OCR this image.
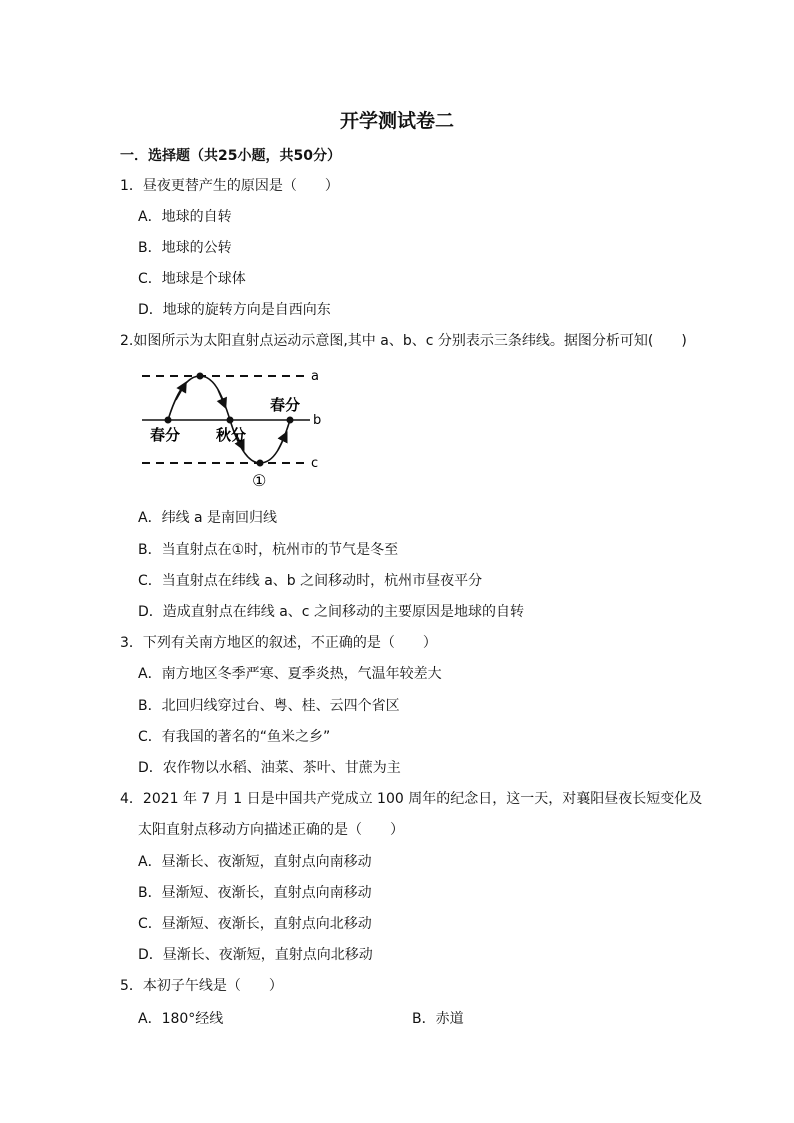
开学测试卷二
一．选择题（共25小题，共50分）
1．昼夜更替产生的原因是（　　）
A．地球的自转
B．地球的公转
C．地球是个球体
D．地球的旋转方向是自西向东
2.如图所示为太阳直射点运动示意图,其中 a、b、c 分别表示三条纬线。据图分析可知(　　)
a
b
c
春分 秋分
春分
①
A．纬线 a 是南回归线
B．当直射点在①时，杭州市的节气是冬至
C．当直射点在纬线 a、b 之间移动时，杭州市昼夜平分
D．造成直射点在纬线 a、c 之间移动的主要原因是地球的自转
3．下列有关南方地区的叙述，不正确的是（　　）
A．南方地区冬季严寒、夏季炎热，气温年较差大
B．北回归线穿过台、粤、桂、云四个省区
C．有我国的著名的“鱼米之乡”
D．农作物以水稻、油菜、茶叶、甘蔗为主
4．2021 年 7 月 1 日是中国共产党成立 100 周年的纪念日，这一天，对襄阳昼夜长短变化及
太阳直射点移动方向描述正确的是（　　）
A．昼渐长、夜渐短，直射点向南移动
B．昼渐短、夜渐长，直射点向南移动
C．昼渐短、夜渐长，直射点向北移动
D．昼渐长、夜渐短，直射点向北移动
5．本初子午线是（　　）
A．180°经线	B．赤道
